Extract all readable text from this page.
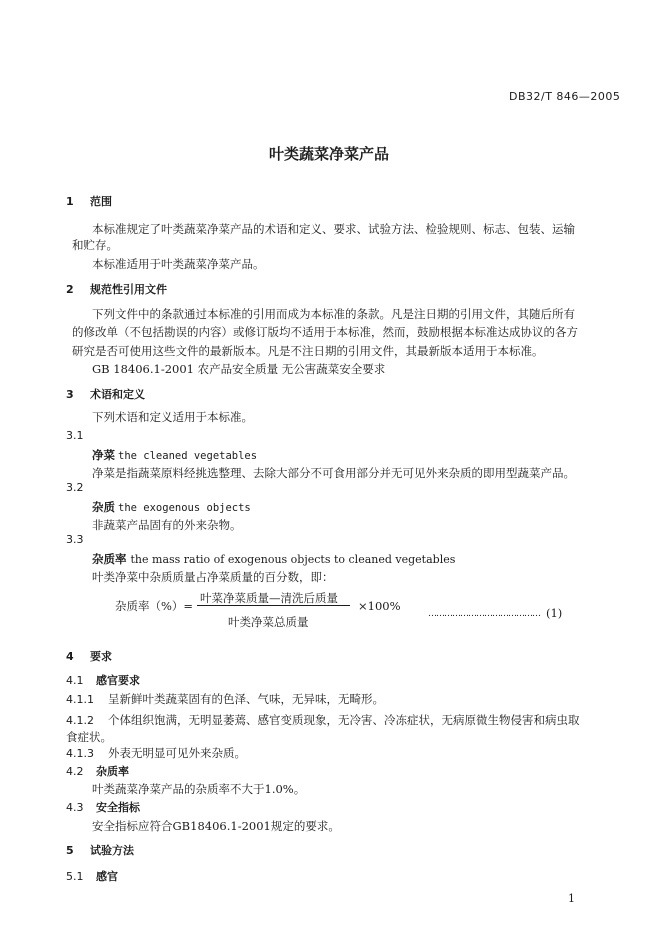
DB32/T 846—2005
叶类蔬菜净菜产品
1 范围
本标准规定了叶类蔬菜净菜产品的术语和定义、要求、试验方法、检验规则、标志、包装、运输
和贮存。
本标准适用于叶类蔬菜净菜产品。
2 规范性引用文件
下列文件中的条款通过本标准的引用而成为本标准的条款。凡是注日期的引用文件，其随后所有
的修改单（不包括勘误的内容）或修订版均不适用于本标准，然而，鼓励根据本标准达成协议的各方
研究是否可使用这些文件的最新版本。凡是不注日期的引用文件，其最新版本适用于本标准。
GB 18406.1-2001 农产品安全质量 无公害蔬菜安全要求
3 术语和定义
下列术语和定义适用于本标准。
3.1
净菜 the cleaned vegetables
净菜是指蔬菜原料经挑选整理、去除大部分不可食用部分并无可见外来杂质的即用型蔬菜产品。
3.2
杂质 the exogenous objects
非蔬菜产品固有的外来杂物。
3.3
杂质率 the mass ratio of exogenous objects to cleaned vegetables
叶类净菜中杂质质量占净菜质量的百分数，即：
杂质率（%）=
叶菜净菜质量—清洗后质量
叶类净菜总质量
×100%
…………………………………… (1)
4 要求
4.1 感官要求
4.1.1 呈新鲜叶类蔬菜固有的色泽、气味，无异味，无畸形。
4.1.2 个体组织饱满，无明显萎蔫、感官变质现象，无冷害、冷冻症状，无病原微生物侵害和病虫取
食症状。
4.1.3 外表无明显可见外来杂质。
4.2 杂质率
叶类蔬菜净菜产品的杂质率不大于1.0%。
4.3 安全指标
安全指标应符合GB18406.1-2001规定的要求。
5 试验方法
5.1 感官
1
